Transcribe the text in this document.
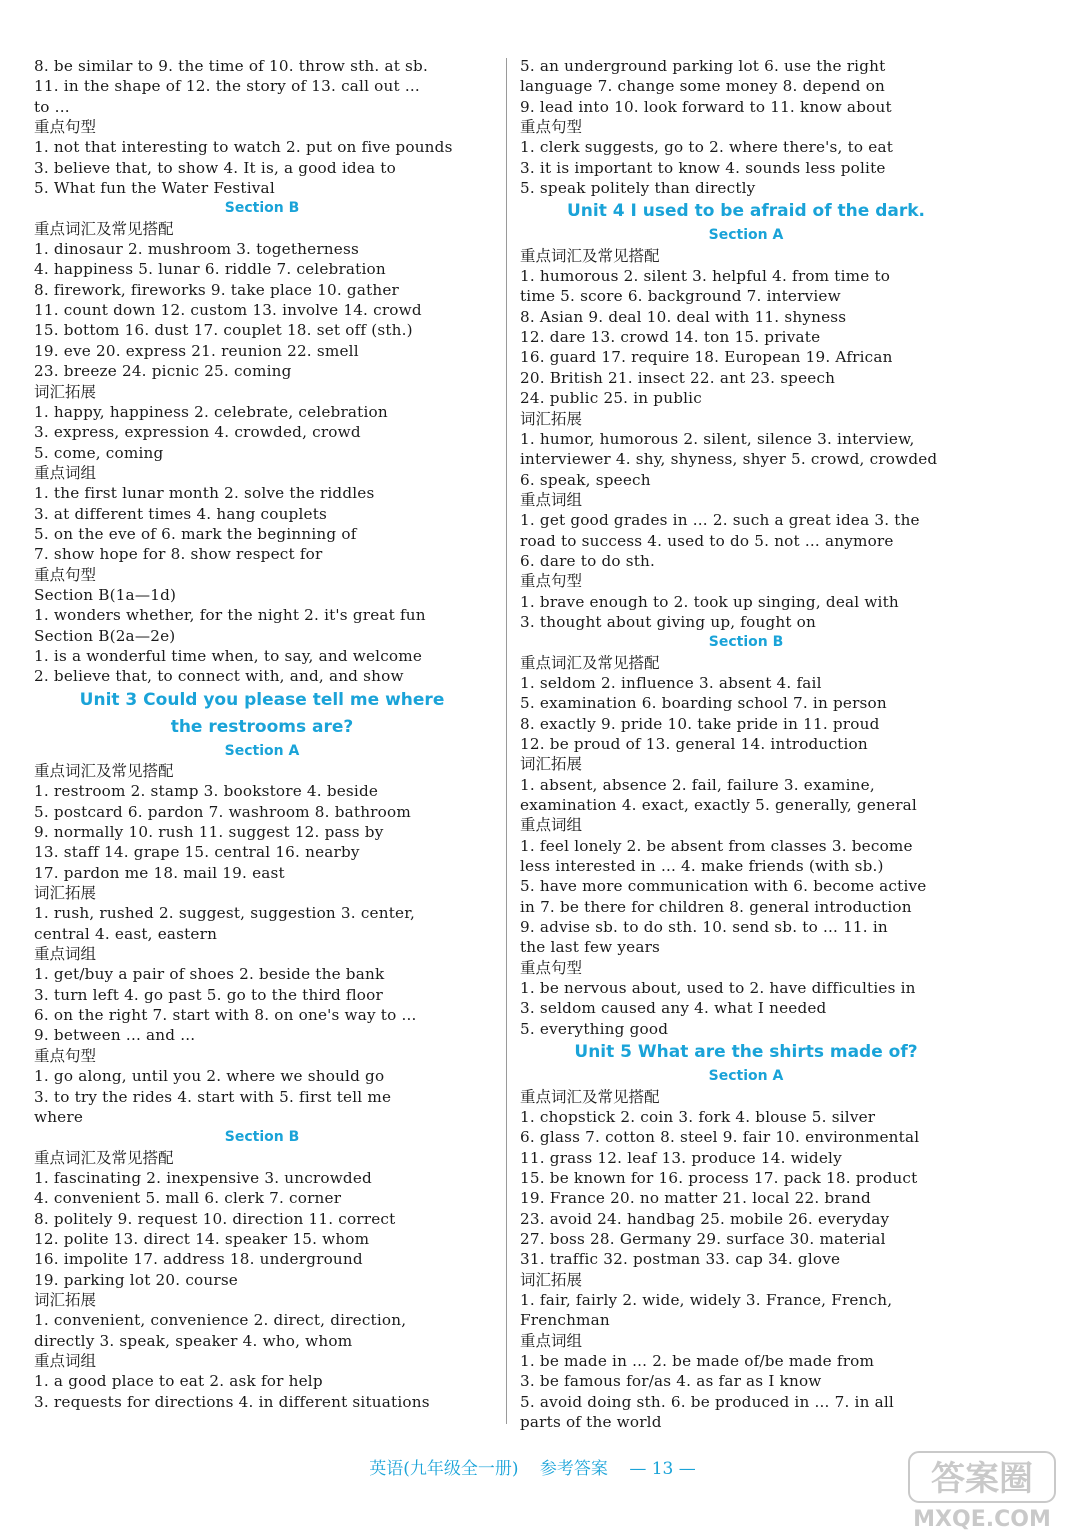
8. be similar to 9. the time of 10. throw sth. at sb.
11. in the shape of 12. the story of 13. call out ...
to ...
重点句型
1. not that interesting to watch 2. put on five pounds
3. believe that, to show 4. It is, a good idea to
5. What fun the Water Festival
Section B
重点词汇及常见搭配
1. dinosaur 2. mushroom 3. togetherness
4. happiness 5. lunar 6. riddle 7. celebration
8. firework, fireworks 9. take place 10. gather
11. count down 12. custom 13. involve 14. crowd
15. bottom 16. dust 17. couplet 18. set off (sth.)
19. eve 20. express 21. reunion 22. smell
23. breeze 24. picnic 25. coming
词汇拓展
1. happy, happiness 2. celebrate, celebration
3. express, expression 4. crowded, crowd
5. come, coming
重点词组
1. the first lunar month 2. solve the riddles
3. at different times 4. hang couplets
5. on the eve of 6. mark the beginning of
7. show hope for 8. show respect for
重点句型
Section B(1a—1d)
1. wonders whether, for the night 2. it's great fun
Section B(2a—2e)
1. is a wonderful time when, to say, and welcome
2. believe that, to connect with, and, and show
Unit 3 Could you please tell me where
the restrooms are?
Section A
重点词汇及常见搭配
1. restroom 2. stamp 3. bookstore 4. beside
5. postcard 6. pardon 7. washroom 8. bathroom
9. normally 10. rush 11. suggest 12. pass by
13. staff 14. grape 15. central 16. nearby
17. pardon me 18. mail 19. east
词汇拓展
1. rush, rushed 2. suggest, suggestion 3. center,
central 4. east, eastern
重点词组
1. get/buy a pair of shoes 2. beside the bank
3. turn left 4. go past 5. go to the third floor
6. on the right 7. start with 8. on one's way to ...
9. between ... and ...
重点句型
1. go along, until you 2. where we should go
3. to try the rides 4. start with 5. first tell me
where
Section B
重点词汇及常见搭配
1. fascinating 2. inexpensive 3. uncrowded
4. convenient 5. mall 6. clerk 7. corner
8. politely 9. request 10. direction 11. correct
12. polite 13. direct 14. speaker 15. whom
16. impolite 17. address 18. underground
19. parking lot 20. course
词汇拓展
1. convenient, convenience 2. direct, direction,
directly 3. speak, speaker 4. who, whom
重点词组
1. a good place to eat 2. ask for help
3. requests for directions 4. in different situations
5. an underground parking lot 6. use the right
language 7. change some money 8. depend on
9. lead into 10. look forward to 11. know about
重点句型
1. clerk suggests, go to 2. where there's, to eat
3. it is important to know 4. sounds less polite
5. speak politely than directly
Unit 4 I used to be afraid of the dark.
Section A
重点词汇及常见搭配
1. humorous 2. silent 3. helpful 4. from time to
time 5. score 6. background 7. interview
8. Asian 9. deal 10. deal with 11. shyness
12. dare 13. crowd 14. ton 15. private
16. guard 17. require 18. European 19. African
20. British 21. insect 22. ant 23. speech
24. public 25. in public
词汇拓展
1. humor, humorous 2. silent, silence 3. interview,
interviewer 4. shy, shyness, shyer 5. crowd, crowded
6. speak, speech
重点词组
1. get good grades in ... 2. such a great idea 3. the
road to success 4. used to do 5. not ... anymore
6. dare to do sth.
重点句型
1. brave enough to 2. took up singing, deal with
3. thought about giving up, fought on
Section B
重点词汇及常见搭配
1. seldom 2. influence 3. absent 4. fail
5. examination 6. boarding school 7. in person
8. exactly 9. pride 10. take pride in 11. proud
12. be proud of 13. general 14. introduction
词汇拓展
1. absent, absence 2. fail, failure 3. examine,
examination 4. exact, exactly 5. generally, general
重点词组
1. feel lonely 2. be absent from classes 3. become
less interested in ... 4. make friends (with sb.)
5. have more communication with 6. become active
in 7. be there for children 8. general introduction
9. advise sb. to do sth. 10. send sb. to ... 11. in
the last few years
重点句型
1. be nervous about, used to 2. have difficulties in
3. seldom caused any 4. what I needed
5. everything good
Unit 5 What are the shirts made of?
Section A
重点词汇及常见搭配
1. chopstick 2. coin 3. fork 4. blouse 5. silver
6. glass 7. cotton 8. steel 9. fair 10. environmental
11. grass 12. leaf 13. produce 14. widely
15. be known for 16. process 17. pack 18. product
19. France 20. no matter 21. local 22. brand
23. avoid 24. handbag 25. mobile 26. everyday
27. boss 28. Germany 29. surface 30. material
31. traffic 32. postman 33. cap 34. glove
词汇拓展
1. fair, fairly 2. wide, widely 3. France, French,
Frenchman
重点词组
1. be made in ... 2. be made of/be made from
3. be famous for/as 4. as far as I know
5. avoid doing sth. 6. be produced in ... 7. in all
parts of the world
英语(九年级全一册) 参考答案 — 13 —	答案圈
MXQE.COM
